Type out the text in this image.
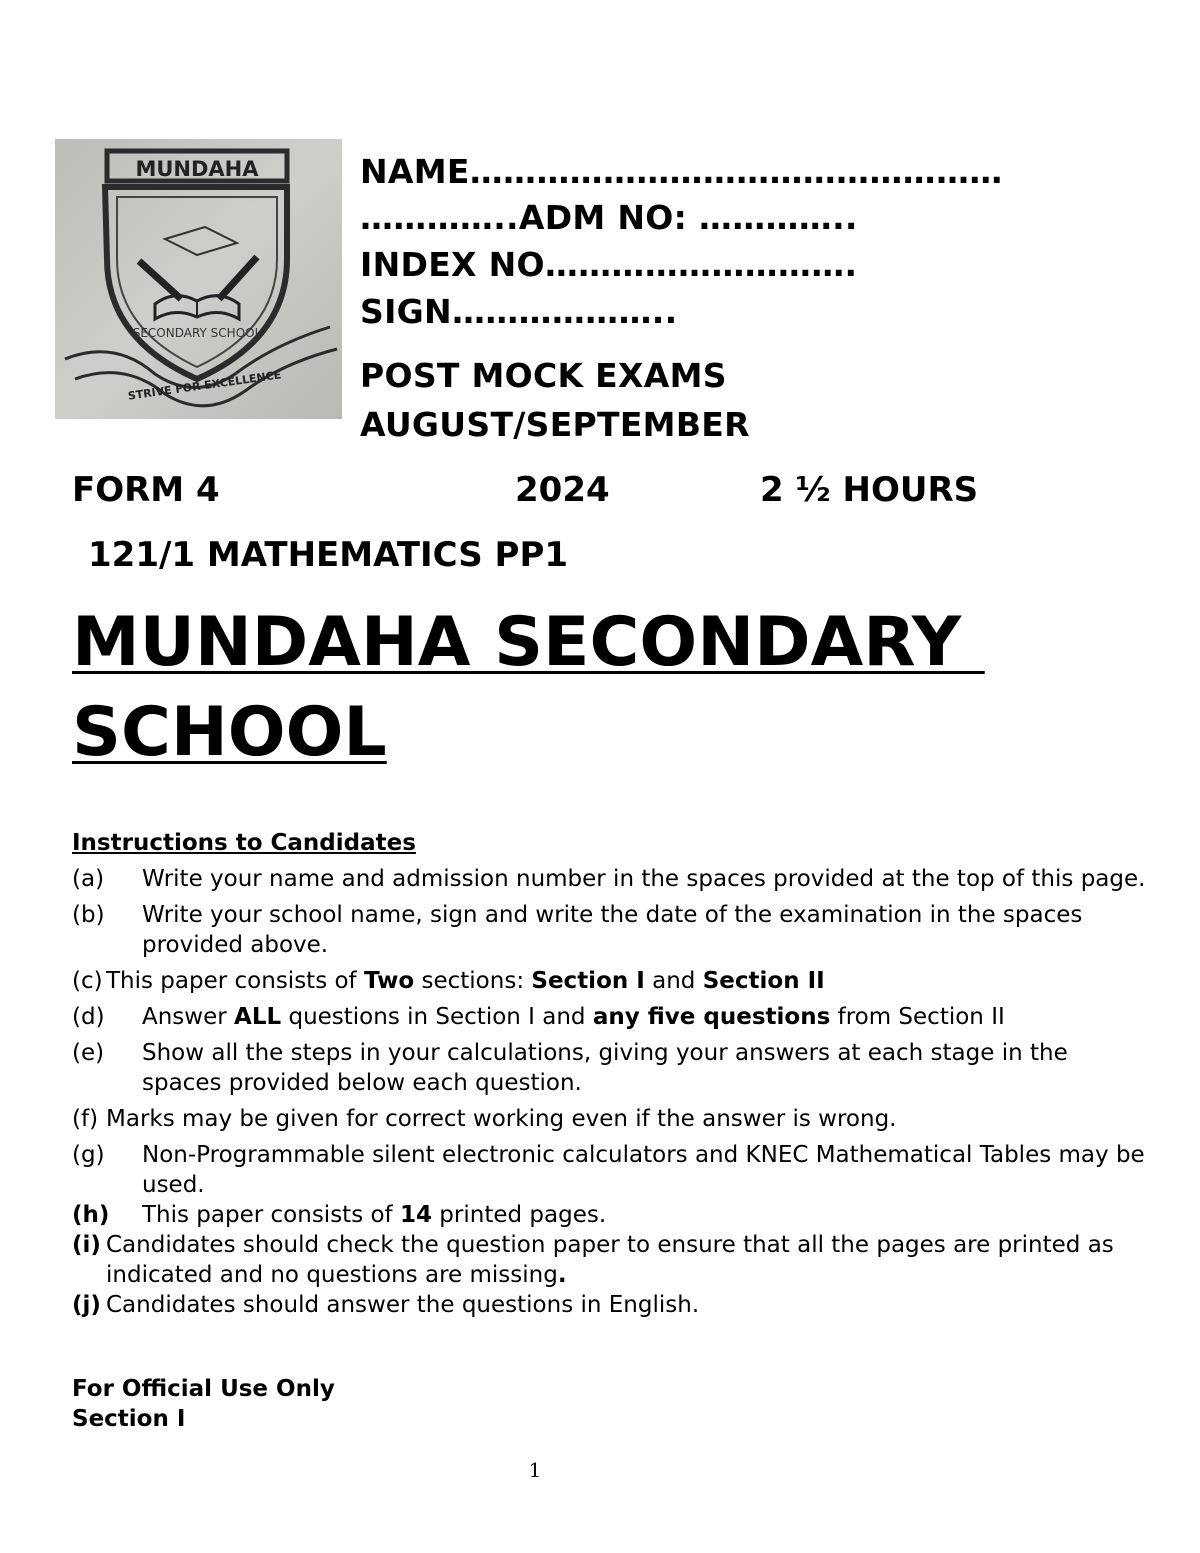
MUNDAHA
SECONDARY SCHOOL
STRIVE FOR EXCELLENCE
NAME…………………………………………
…………..ADM NO: …………..
INDEX NO……………………….
SIGN………………..
POST MOCK EXAMS
AUGUST/SEPTEMBER
FORM 4	2024	2 ½ HOURS
121/1 MATHEMATICS PP1
MUNDAHA SECONDARY
SCHOOL
Instructions to Candidates
(a) Write your name and admission number in the spaces provided at the top of this page.
(b) Write your school name, sign and write the date of the examination in the spaces provided above.
(c) This paper consists of Two sections: Section I and Section II
(d) Answer ALL questions in Section I and any five questions from Section II
(e) Show all the steps in your calculations, giving your answers at each stage in the spaces provided below each question.
(f) Marks may be given for correct working even if the answer is wrong.
(g) Non-Programmable silent electronic calculators and KNEC Mathematical Tables may be used.
(h) This paper consists of 14 printed pages.
(i) Candidates should check the question paper to ensure that all the pages are printed as indicated and no questions are missing.
(j) Candidates should answer the questions in English.
For Official Use Only
Section I
1
